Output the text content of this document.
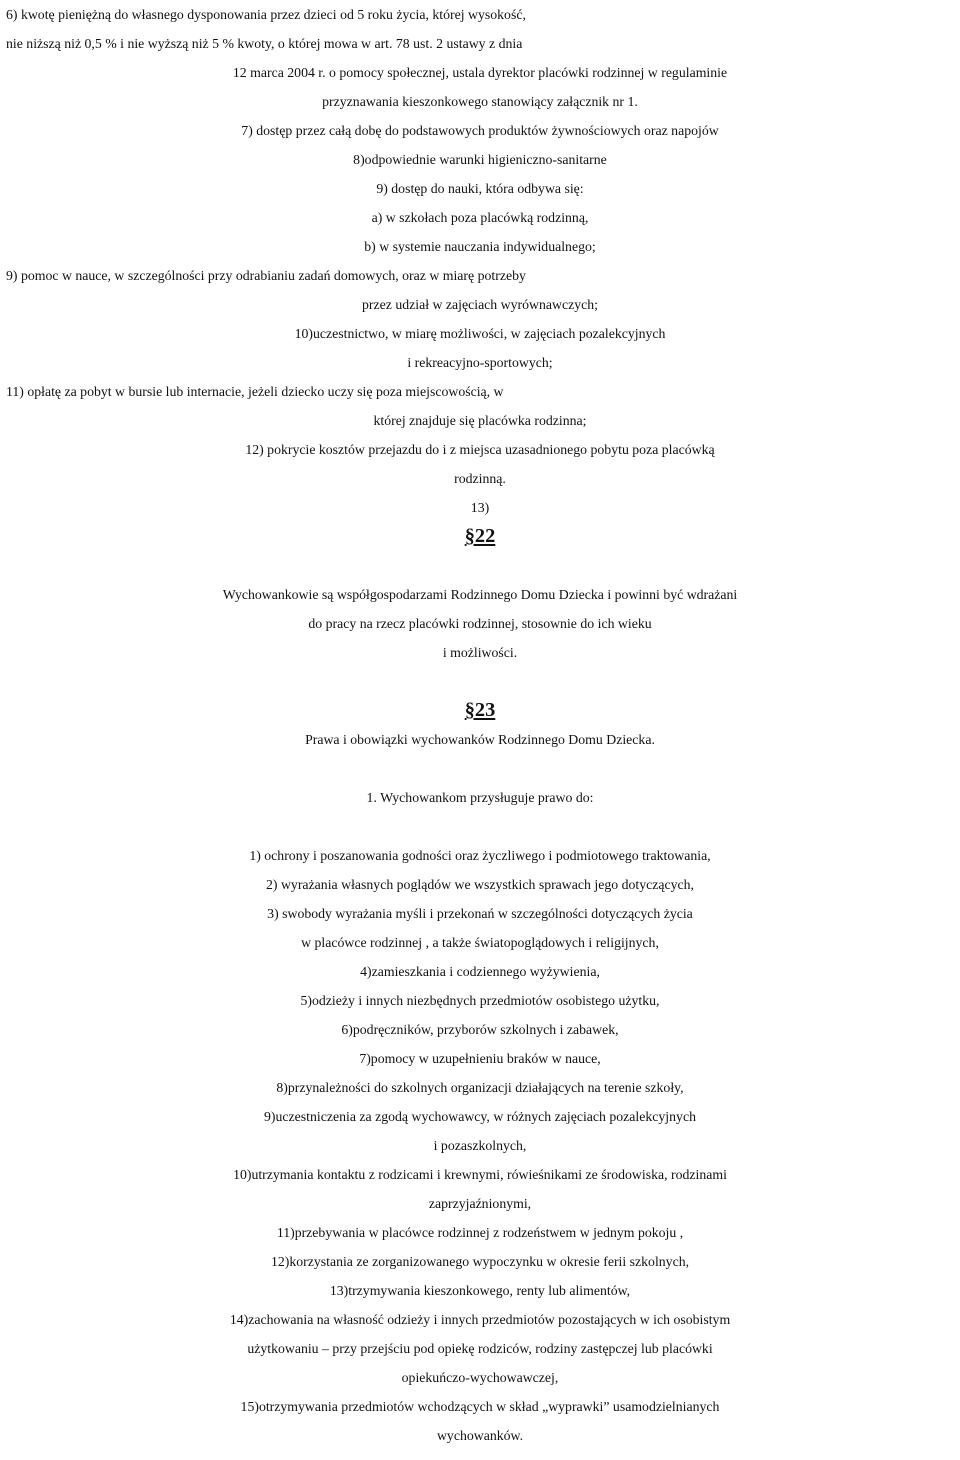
6) kwotę pieniężną do własnego dysponowania przez dzieci od 5 roku życia, której wysokość,
nie niższą niż 0,5 % i nie wyższą niż 5 % kwoty, o której mowa w art. 78 ust. 2 ustawy z dnia
12 marca 2004 r. o pomocy społecznej, ustala dyrektor placówki rodzinnej w regulaminie
przyznawania kieszonkowego stanowiący załącznik nr 1.
7) dostęp przez całą dobę do podstawowych produktów żywnościowych oraz napojów
8)odpowiednie warunki higieniczno-sanitarne
9) dostęp do nauki, która odbywa się:
a) w szkołach poza placówką rodzinną,
b) w systemie nauczania indywidualnego;
9) pomoc w nauce, w szczególności przy odrabianiu zadań domowych, oraz w miarę potrzeby
przez udział w zajęciach wyrównawczych;
10)uczestnictwo, w miarę możliwości, w zajęciach pozalekcyjnych
i rekreacyjno-sportowych;
11) opłatę za pobyt w bursie lub internacie, jeżeli dziecko uczy się poza miejscowością, w
której znajduje się placówka rodzinna;
12) pokrycie kosztów przejazdu do i z miejsca uzasadnionego pobytu poza placówką
rodzinną.
13)
§22
Wychowankowie są współgospodarzami Rodzinnego Domu Dziecka i powinni być wdrażani
do pracy na rzecz placówki rodzinnej, stosownie do ich wieku
i możliwości.
§23
Prawa i obowiązki wychowanków Rodzinnego Domu Dziecka.
1. Wychowankom przysługuje prawo do:
1) ochrony i poszanowania godności oraz życzliwego i podmiotowego traktowania,
2) wyrażania własnych poglądów we wszystkich sprawach jego dotyczących,
3) swobody wyrażania myśli i przekonań w szczególności dotyczących życia
w placówce rodzinnej , a także światopoglądowych i religijnych,
4)zamieszkania i codziennego wyżywienia,
5)odzieży i innych niezbędnych przedmiotów osobistego użytku,
6)podręczników, przyborów szkolnych i zabawek,
7)pomocy w uzupełnieniu braków w nauce,
8)przynależności do szkolnych organizacji działających na terenie szkoły,
9)uczestniczenia za zgodą wychowawcy, w różnych zajęciach pozalekcyjnych
i pozaszkolnych,
10)utrzymania kontaktu z rodzicami i krewnymi, rówieśnikami ze środowiska, rodzinami
zaprzyjaźnionymi,
11)przebywania w placówce rodzinnej z rodzeństwem w jednym pokoju ,
12)korzystania ze zorganizowanego wypoczynku w okresie ferii szkolnych,
13)trzymywania kieszonkowego, renty lub alimentów,
14)zachowania na własność odzieży i innych przedmiotów pozostających w ich osobistym
użytkowaniu – przy przejściu pod opiekę rodziców, rodziny zastępczej lub placówki
opiekuńczo-wychowawczej,
15)otrzymywania przedmiotów wchodzących w skład „wyprawki” usamodzielnianych
wychowanków.
